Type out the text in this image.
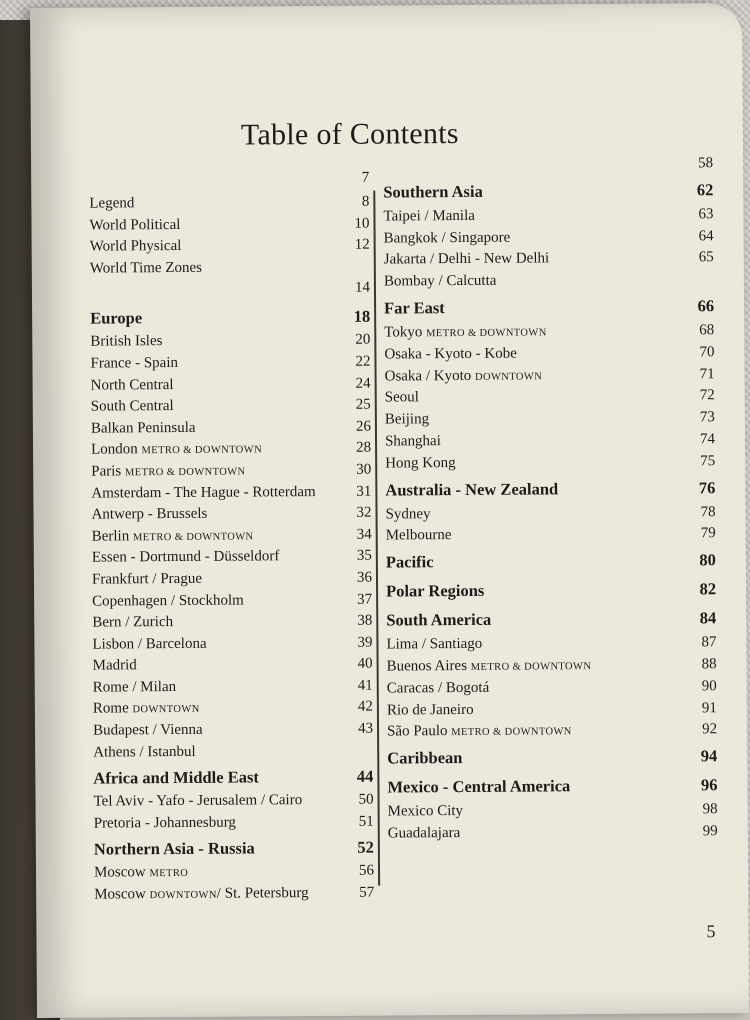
Table of Contents
7
Legend	8
World Political	10
World Physical	12
World Time Zones
14
Europe	18
British Isles	20
France - Spain	22
North Central	24
South Central	25
Balkan Peninsula	26
London METRO & DOWNTOWN	28
Paris METRO & DOWNTOWN	30
Amsterdam - The Hague - Rotterdam	31
Antwerp - Brussels	32
Berlin METRO & DOWNTOWN	34
Essen - Dortmund - Düsseldorf	35
Frankfurt / Prague	36
Copenhagen / Stockholm	37
Bern / Zurich	38
Lisbon / Barcelona	39
Madrid	40
Rome / Milan	41
Rome DOWNTOWN	42
Budapest / Vienna	43
Athens / Istanbul
Africa and Middle East	44
Tel Aviv - Yafo - Jerusalem / Cairo	50
Pretoria - Johannesburg	51
Northern Asia - Russia	52
Moscow METRO	56
Moscow DOWNTOWN/ St. Petersburg	57
58
Southern Asia	62
Taipei / Manila	63
Bangkok / Singapore	64
Jakarta / Delhi - New Delhi	65
Bombay / Calcutta
Far East	66
Tokyo METRO & DOWNTOWN	68
Osaka - Kyoto - Kobe	70
Osaka / Kyoto DOWNTOWN	71
Seoul	72
Beijing	73
Shanghai	74
Hong Kong	75
Australia - New Zealand	76
Sydney	78
Melbourne	79
Pacific	80
Polar Regions	82
South America	84
Lima / Santiago	87
Buenos Aires METRO & DOWNTOWN	88
Caracas / Bogotá	90
Rio de Janeiro	91
São Paulo METRO & DOWNTOWN	92
Caribbean	94
Mexico - Central America	96
Mexico City	98
Guadalajara	99
5
